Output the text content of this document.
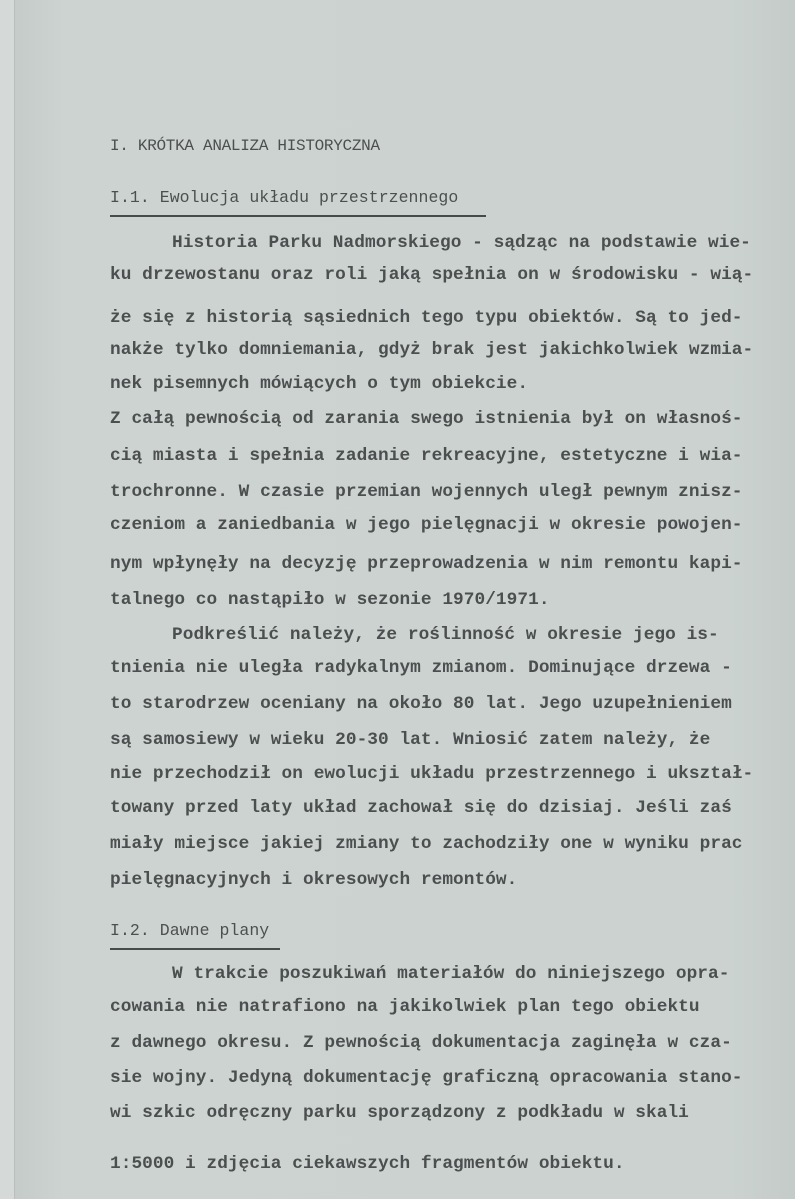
I. KRÓTKA ANALIZA HISTORYCZNA
I.1. Ewolucja układu przestrzennego
Historia Parku Nadmorskiego - sądząc na podstawie wie-
ku drzewostanu oraz roli jaką spełnia on w środowisku - wią-
że się z historią sąsiednich tego typu obiektów. Są to jed-
nakże tylko domniemania, gdyż brak jest jakichkolwiek wzmia-
nek pisemnych mówiących o tym obiekcie.
Z całą pewnością od zarania swego istnienia był on własnoś-
cią miasta i spełnia zadanie rekreacyjne, estetyczne i wia-
trochronne. W czasie przemian wojennych uległ pewnym znisz-
czeniom a zaniedbania w jego pielęgnacji w okresie powojen-
nym wpłynęły na decyzję przeprowadzenia w nim remontu kapi-
talnego co nastąpiło w sezonie 1970/1971.
Podkreślić należy, że roślinność w okresie jego is-
tnienia nie uległa radykalnym zmianom. Dominujące drzewa -
to starodrzew oceniany na około 80 lat. Jego uzupełnieniem
są samosiewy w wieku 20-30 lat. Wniosić zatem należy, że
nie przechodził on ewolucji układu przestrzennego i ukształ-
towany przed laty układ zachował się do dzisiaj. Jeśli zaś
miały miejsce jakiej zmiany to zachodziły one w wyniku prac
pielęgnacyjnych i okresowych remontów.
I.2. Dawne plany
W trakcie poszukiwań materiałów do niniejszego opra-
cowania nie natrafiono na jakikolwiek plan tego obiektu
z dawnego okresu. Z pewnością dokumentacja zaginęła w cza-
sie wojny. Jedyną dokumentację graficzną opracowania stano-
wi szkic odręczny parku sporządzony z podkładu w skali
1:5000 i zdjęcia ciekawszych fragmentów obiektu.
